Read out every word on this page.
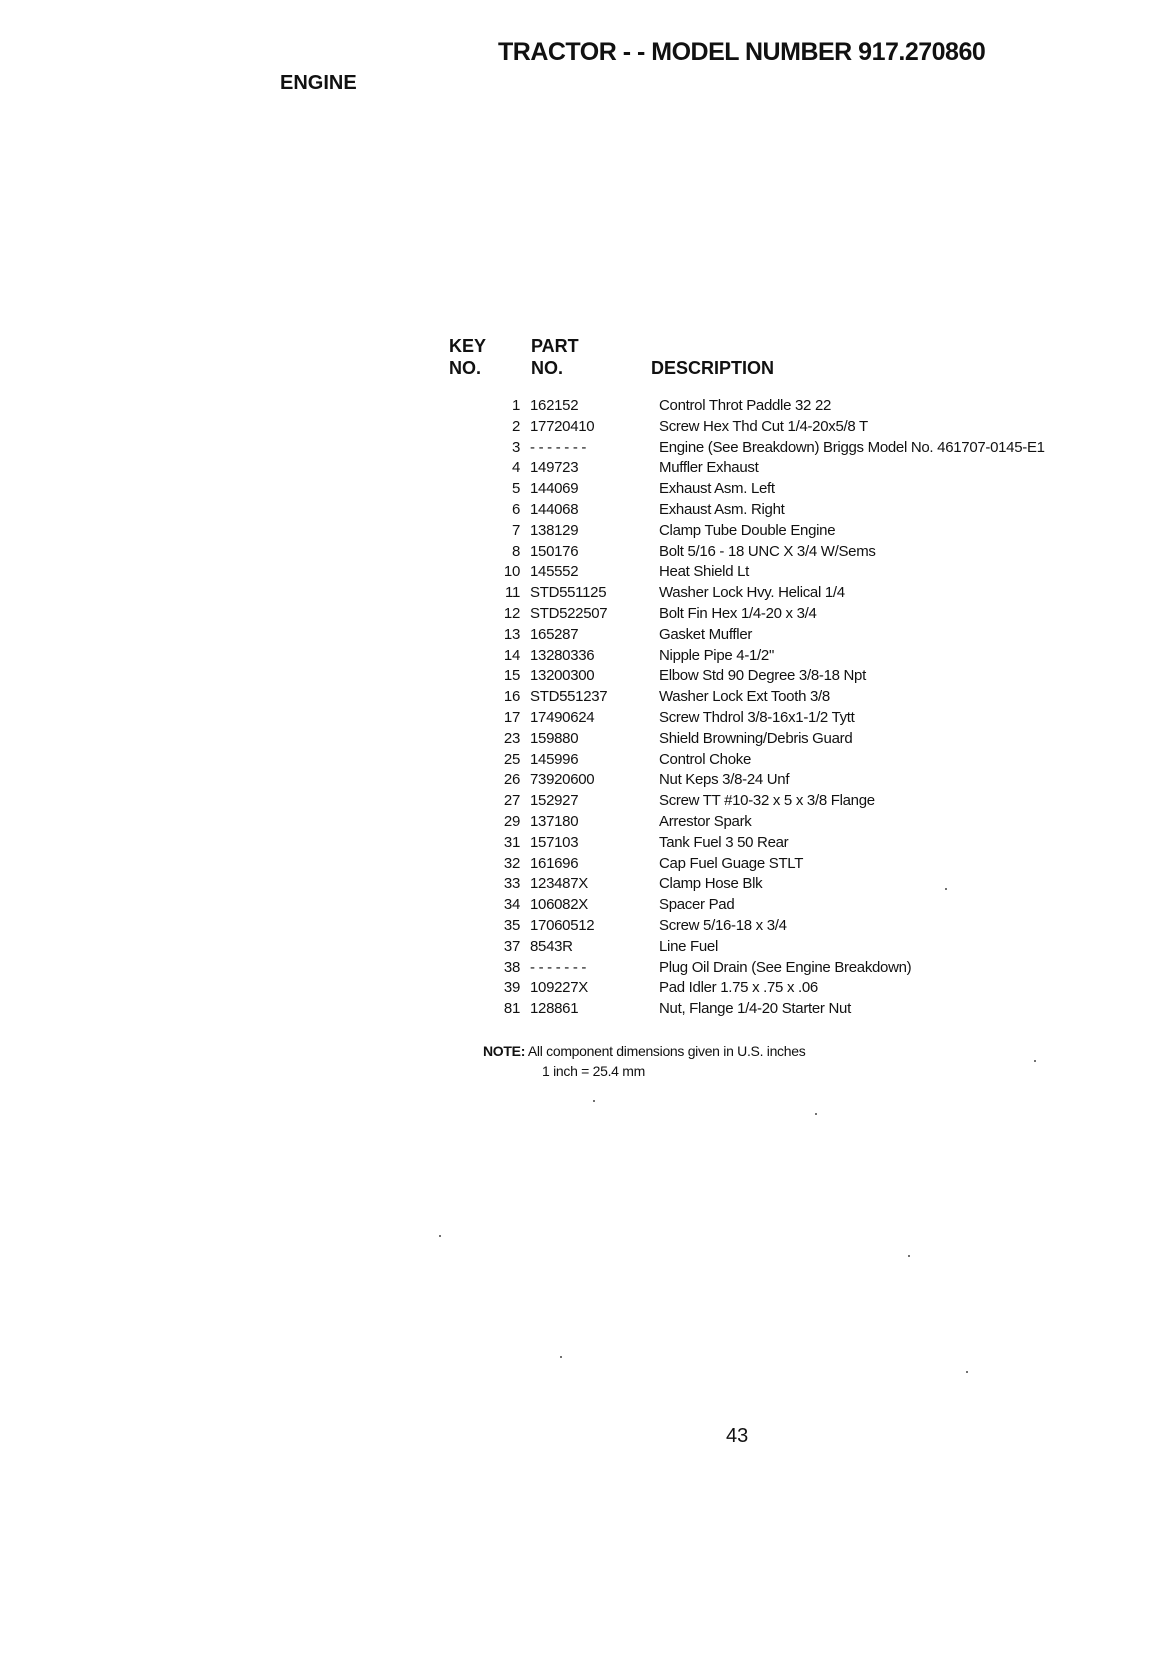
TRACTOR - - MODEL NUMBER 917.270860
ENGINE
KEY
NO.
PART
NO.	DESCRIPTION
1	162152	Control Throt Paddle 32 22
2	17720410	Screw Hex Thd Cut 1/4-20x5/8 T
3	- - - - - - -	Engine (See Breakdown) Briggs Model No. 461707-0145-E1
4	149723	Muffler Exhaust
5	144069	Exhaust Asm. Left
6	144068	Exhaust Asm. Right
7	138129	Clamp Tube Double Engine
8	150176	Bolt 5/16 - 18 UNC X 3/4 W/Sems
10	145552	Heat Shield Lt
11	STD551125	Washer Lock Hvy. Helical 1/4
12	STD522507	Bolt Fin Hex 1/4-20 x 3/4
13	165287	Gasket Muffler
14	13280336	Nipple Pipe 4-1/2"
15	13200300	Elbow Std 90 Degree 3/8-18 Npt
16	STD551237	Washer Lock Ext Tooth 3/8
17	17490624	Screw Thdrol 3/8-16x1-1/2 Tytt
23	159880	Shield Browning/Debris Guard
25	145996	Control Choke
26	73920600	Nut Keps 3/8-24 Unf
27	152927	Screw TT #10-32 x 5 x 3/8 Flange
29	137180	Arrestor Spark
31	157103	Tank Fuel 3 50 Rear
32	161696	Cap Fuel Guage STLT
33	123487X	Clamp Hose Blk
34	106082X	Spacer Pad
35	17060512	Screw 5/16-18 x 3/4
37	8543R	Line Fuel
38	- - - - - - -	Plug Oil Drain (See Engine Breakdown)
39	109227X	Pad Idler 1.75 x .75 x .06
81	128861	Nut, Flange 1/4-20 Starter Nut
NOTE: All component dimensions given in U.S. inches
1 inch = 25.4 mm
43
